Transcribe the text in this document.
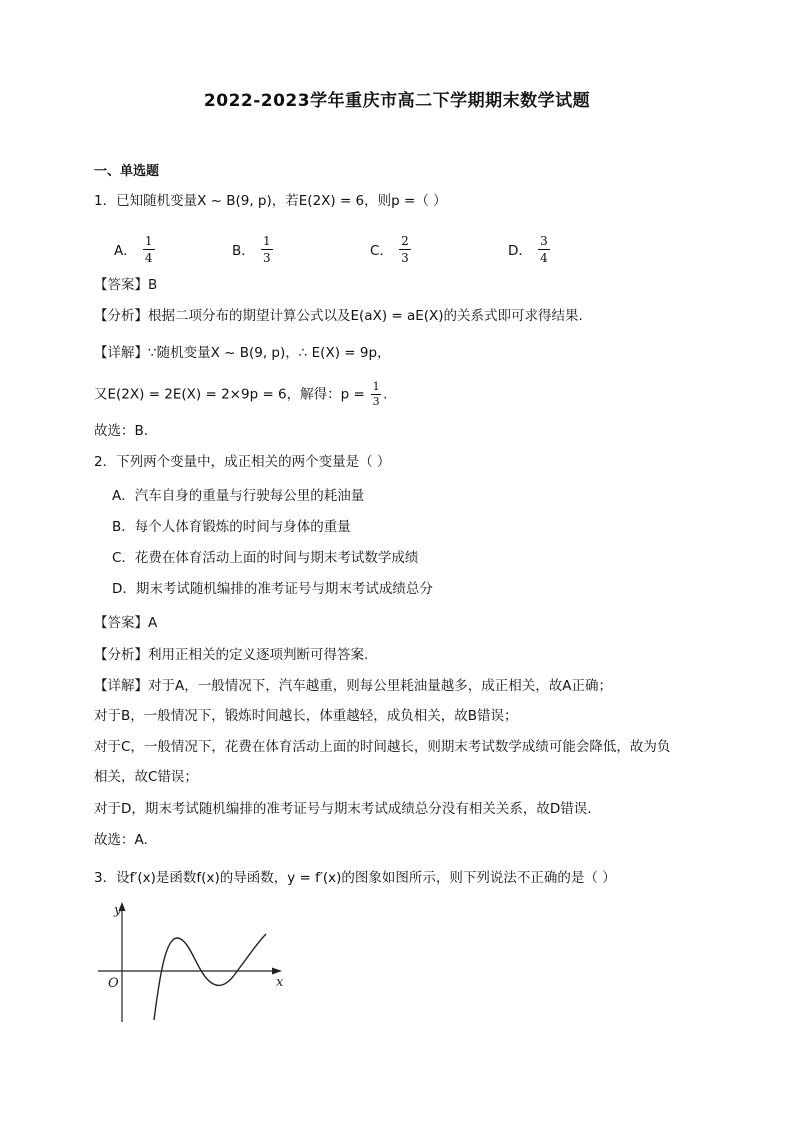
2022-2023学年重庆市高二下学期期末数学试题
一、单选题
1．已知随机变量X ~ B(9, p)，若E(2X) = 6，则p =（ ）
A． $\frac{1}{4}$	B． $\frac{1}{3}$	C． $\frac{2}{3}$	D． $\frac{3}{4}$
【答案】B
【分析】根据二项分布的期望计算公式以及E(aX) = aE(X)的关系式即可求得结果.
【详解】∵随机变量X ~ B(9, p)，∴ E(X) = 9p，
又E(2X) = 2E(X) = 2×9p = 6，解得：$p = \frac{1}{3}$ .
故选：B.
2．下列两个变量中，成正相关的两个变量是（ ）
A．汽车自身的重量与行驶每公里的耗油量
B．每个人体育锻炼的时间与身体的重量
C．花费在体育活动上面的时间与期末考试数学成绩
D．期末考试随机编排的准考证号与期末考试成绩总分
【答案】A
【分析】利用正相关的定义逐项判断可得答案.
【详解】对于A，一般情况下，汽车越重，则每公里耗油量越多，成正相关，故A正确；
对于B，一般情况下，锻炼时间越长，体重越轻，成负相关，故B错误；
对于C，一般情况下，花费在体育活动上面的时间越长，则期末考试数学成绩可能会降低，故为负
相关，故C错误；
对于D，期末考试随机编排的准考证号与期末考试成绩总分没有相关关系，故D错误.
故选：A.
3．设f′(x)是函数f(x)的导函数，y = f′(x)的图象如图所示，则下列说法不正确的是（ ）
y
x
O
